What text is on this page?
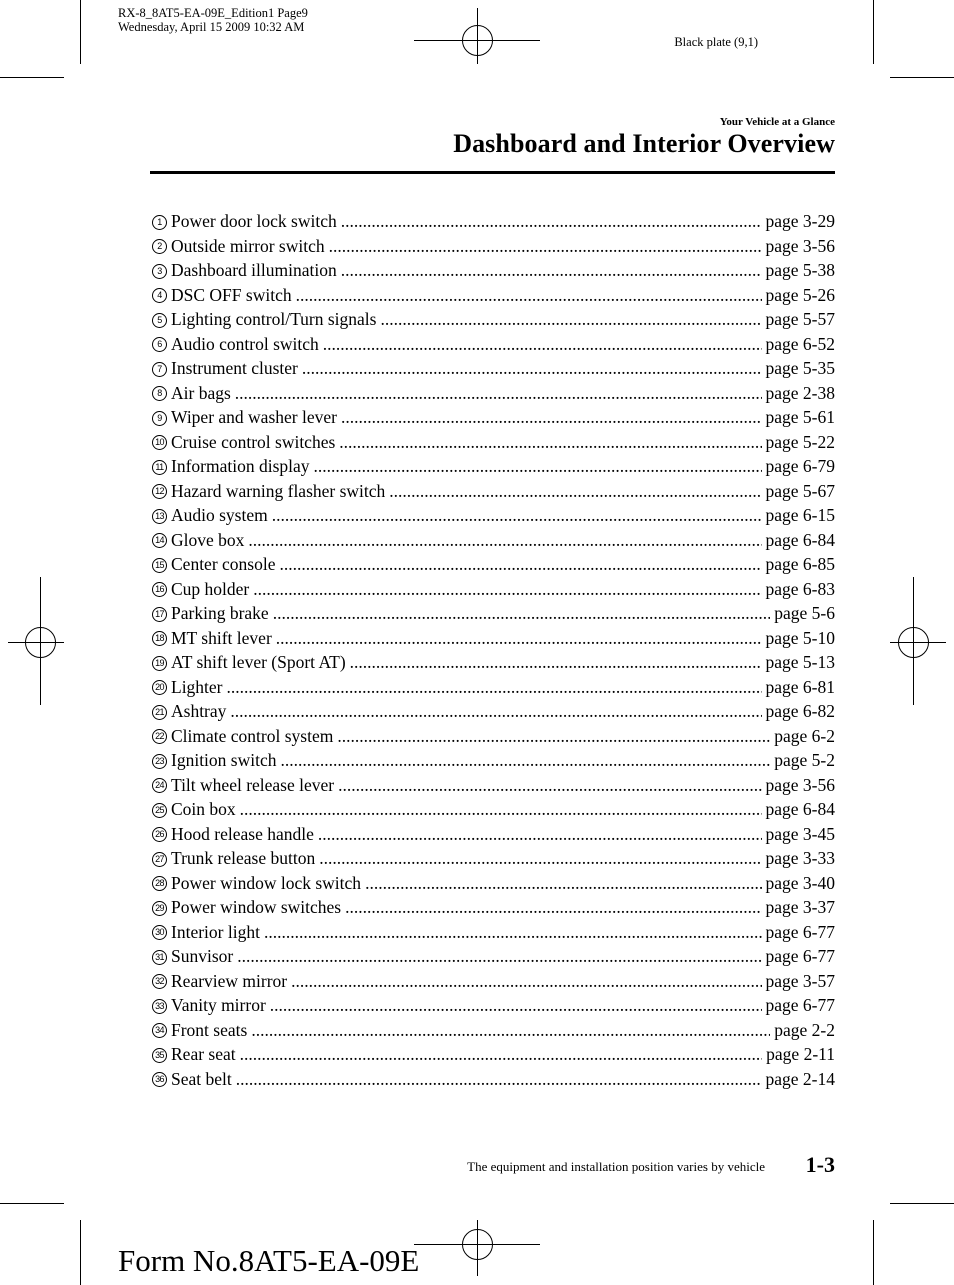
RX-8_8AT5-EA-09E_Edition1 Page9
Wednesday, April 15 2009 10:32 AM
Black plate (9,1)
Your Vehicle at a Glance
Dashboard and Interior Overview
1 Power door lock switch .....	page 3-29
2 Outside mirror switch .....	page 3-56
3 Dashboard illumination .....	page 5-38
4 DSC OFF switch .....	page 5-26
5 Lighting control/Turn signals .....	page 5-57
6 Audio control switch .....	page 6-52
7 Instrument cluster .....	page 5-35
8 Air bags .....	page 2-38
9 Wiper and washer lever .....	page 5-61
10 Cruise control switches .....	page 5-22
11 Information display .....	page 6-79
12 Hazard warning flasher switch .....	page 5-67
13 Audio system .....	page 6-15
14 Glove box .....	page 6-84
15 Center console .....	page 6-85
16 Cup holder .....	page 6-83
17 Parking brake .....	page 5-6
18 MT shift lever .....	page 5-10
19 AT shift lever (Sport AT) .....	page 5-13
20 Lighter .....	page 6-81
21 Ashtray .....	page 6-82
22 Climate control system .....	page 6-2
23 Ignition switch .....	page 5-2
24 Tilt wheel release lever .....	page 3-56
25 Coin box .....	page 6-84
26 Hood release handle .....	page 3-45
27 Trunk release button .....	page 3-33
28 Power window lock switch .....	page 3-40
29 Power window switches .....	page 3-37
30 Interior light .....	page 6-77
31 Sunvisor .....	page 6-77
32 Rearview mirror .....	page 3-57
33 Vanity mirror .....	page 6-77
34 Front seats .....	page 2-2
35 Rear seat .....	page 2-11
36 Seat belt .....	page 2-14
The equipment and installation position varies by vehicle 1-3
Form No.8AT5-EA-09E
